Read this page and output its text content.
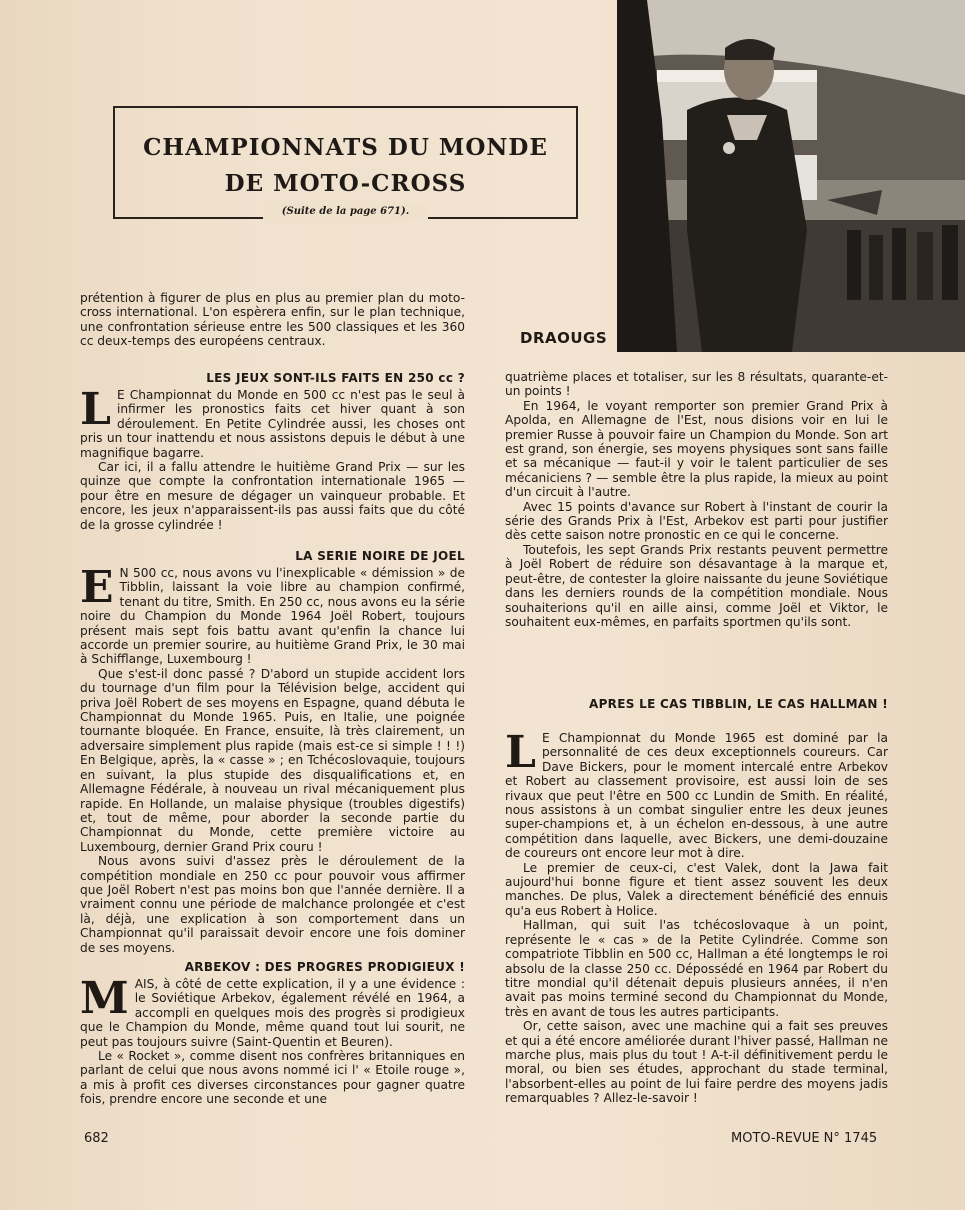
CHAMPIONNATS DU MONDE
DE MOTO-CROSS
(Suite de la page 671).
DRAOUGS

prétention à figurer de plus en plus au premier plan du moto-cross international. L'on espèrera enfin, sur le plan technique, une confrontation sérieuse entre les 500 classiques et les 360 cc deux-temps des européens centraux.

LES JEUX SONT-ILS FAITS EN 250 cc ?

L E Championnat du Monde en 500 cc n'est pas le seul à infirmer les pronostics faits cet hiver quant à son déroulement. En Petite Cylindrée aussi, les choses ont pris un tour inattendu et nous assistons depuis le début à une magnifique bagarre.

Car ici, il a fallu attendre le huitième Grand Prix — sur les quinze que compte la confrontation internationale 1965 — pour être en mesure de dégager un vainqueur probable. Et encore, les jeux n'apparaissent-ils pas aussi faits que du côté de la grosse cylindrée !

LA SERIE NOIRE DE JOEL

E N 500 cc, nous avons vu l'inexplicable « démission » de Tibblin, laissant la voie libre au champion confirmé, tenant du titre, Smith. En 250 cc, nous avons eu la série noire du Champion du Monde 1964 Joël Robert, toujours présent mais sept fois battu avant qu'enfin la chance lui accorde un premier sourire, au huitième Grand Prix, le 30 mai à Schifflange, Luxembourg !

Que s'est-il donc passé ? D'abord un stupide accident lors du tournage d'un film pour la Télévision belge, accident qui priva Joël Robert de ses moyens en Espagne, quand débuta le Championnat du Monde 1965. Puis, en Italie, une poignée tournante bloquée. En France, ensuite, là très clairement, un adversaire simplement plus rapide (mais est-ce si simple ! ! !) En Belgique, après, la « casse » ; en Tchécoslovaquie, toujours en suivant, la plus stupide des disqualifications et, en Allemagne Fédérale, à nouveau un rival mécaniquement plus rapide. En Hollande, un malaise physique (troubles digestifs) et, tout de même, pour aborder la seconde partie du Championnat du Monde, cette première victoire au Luxembourg, dernier Grand Prix couru !

Nous avons suivi d'assez près le déroulement de la compétition mondiale en 250 cc pour pouvoir vous affirmer que Joël Robert n'est pas moins bon que l'année dernière. Il a vraiment connu une période de malchance prolongée et c'est là, déjà, une explication à son comportement dans un Championnat qu'il paraissait devoir encore une fois dominer de ses moyens.

ARBEKOV : DES PROGRES PRODIGIEUX !

MAIS, à côté de cette explication, il y a une évidence : le Soviétique Arbekov, également révélé en 1964, a accompli en quelques mois des progrès si prodigieux que le Champion du Monde, même quand tout lui sourit, ne peut pas toujours suivre (Saint-Quentin et Beuren).

Le « Rocket », comme disent nos confrères britanniques en parlant de celui que nous avons nommé ici l' « Etoile rouge », a mis à profit ces diverses circonstances pour gagner quatre fois, prendre encore une seconde et une

quatrième places et totaliser, sur les 8 résultats, quarante-et-un points !

En 1964, le voyant remporter son premier Grand Prix à Apolda, en Allemagne de l'Est, nous disions voir en lui le premier Russe à pouvoir faire un Champion du Monde. Son art est grand, son énergie, ses moyens physiques sont sans faille et sa mécanique — faut-il y voir le talent particulier de ses mécaniciens ? — semble être la plus rapide, la mieux au point d'un circuit à l'autre.

Avec 15 points d'avance sur Robert à l'instant de courir la série des Grands Prix à l'Est, Arbekov est parti pour justifier dès cette saison notre pronostic en ce qui le concerne.

Toutefois, les sept Grands Prix restants peuvent permettre à Joël Robert de réduire son désavantage à la marque et, peut-être, de contester la gloire naissante du jeune Soviétique dans les derniers rounds de la compétition mondiale. Nous souhaiterions qu'il en aille ainsi, comme Joël et Viktor, le souhaitent eux-mêmes, en parfaits sportmen qu'ils sont.

APRES LE CAS TIBBLIN, LE CAS HALLMAN !

L E Championnat du Monde 1965 est dominé par la personnalité de ces deux exceptionnels coureurs. Car Dave Bickers, pour le moment intercalé entre Arbekov et Robert au classement provisoire, est aussi loin de ses rivaux que peut l'être en 500 cc Lundin de Smith. En réalité, nous assistons à un combat singulier entre les deux jeunes super-champions et, à un échelon en-dessous, à une autre compétition dans laquelle, avec Bickers, une demi-douzaine de coureurs ont encore leur mot à dire.

Le premier de ceux-ci, c'est Valek, dont la Jawa fait aujourd'hui bonne figure et tient assez souvent les deux manches. De plus, Valek a directement bénéficié des ennuis qu'a eus Robert à Holice.

Hallman, qui suit l'as tchécoslovaque à un point, représente le « cas » de la Petite Cylindrée. Comme son compatriote Tibblin en 500 cc, Hallman a été longtemps le roi absolu de la classe 250 cc. Dépossédé en 1964 par Robert du titre mondial qu'il détenait depuis plusieurs années, il n'en avait pas moins terminé second du Championnat du Monde, très en avant de tous les autres participants.

Or, cette saison, avec une machine qui a fait ses preuves et qui a été encore améliorée durant l'hiver passé, Hallman ne marche plus, mais plus du tout ! A-t-il définitivement perdu le moral, ou bien ses études, approchant du stade terminal, l'absorbent-elles au point de lui faire perdre des moyens jadis remarquables ? Allez-le-savoir !

682	MOTO-REVUE N° 1745
